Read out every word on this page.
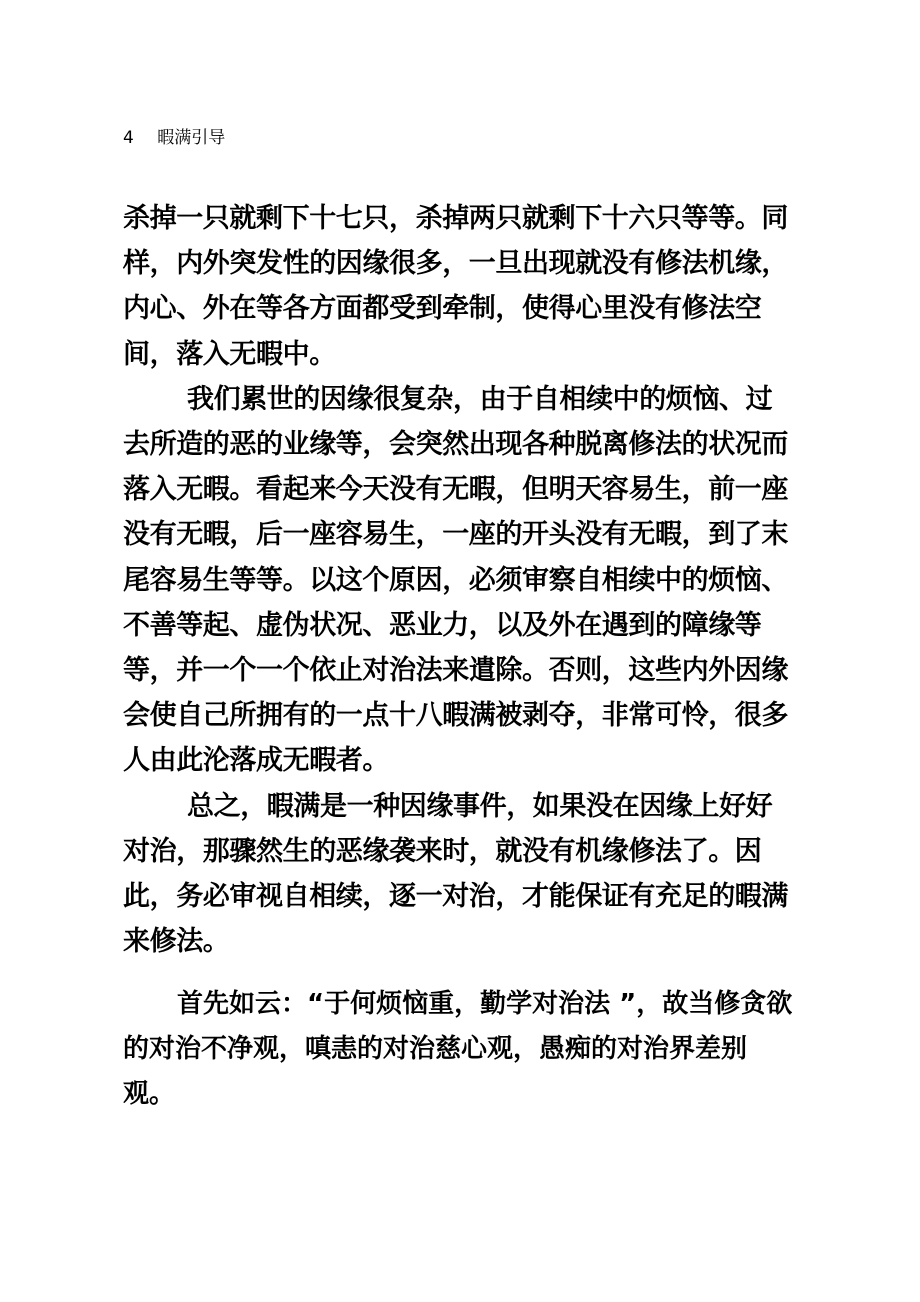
4 暇满引导

杀掉一只就剩下十七只，杀掉两只就剩下十六只等等。同样，内外突发性的因缘很多，一旦出现就没有修法机缘，内心、外在等各方面都受到牵制，使得心里没有修法空间，落入无暇中。

我们累世的因缘很复杂，由于自相续中的烦恼、过去所造的恶的业缘等，会突然出现各种脱离修法的状况而落入无暇。看起来今天没有无暇，但明天容易生，前一座没有无暇，后一座容易生，一座的开头没有无暇，到了末尾容易生等等。以这个原因，必须审察自相续中的烦恼、不善等起、虚伪状况、恶业力，以及外在遇到的障缘等等，并一个一个依止对治法来遣除。否则，这些内外因缘会使自己所拥有的一点十八暇满被剥夺，非常可怜，很多人由此沦落成无暇者。

总之，暇满是一种因缘事件，如果没在因缘上好好对治，那骤然生的恶缘袭来时，就没有机缘修法了。因此，务必审视自相续，逐一对治，才能保证有充足的暇满来修法。

首先如云：“于何烦恼重，勤学对治法 ”，故当修贪欲的对治不净观，嗔恚的对治慈心观，愚痴的对治界差别观。
